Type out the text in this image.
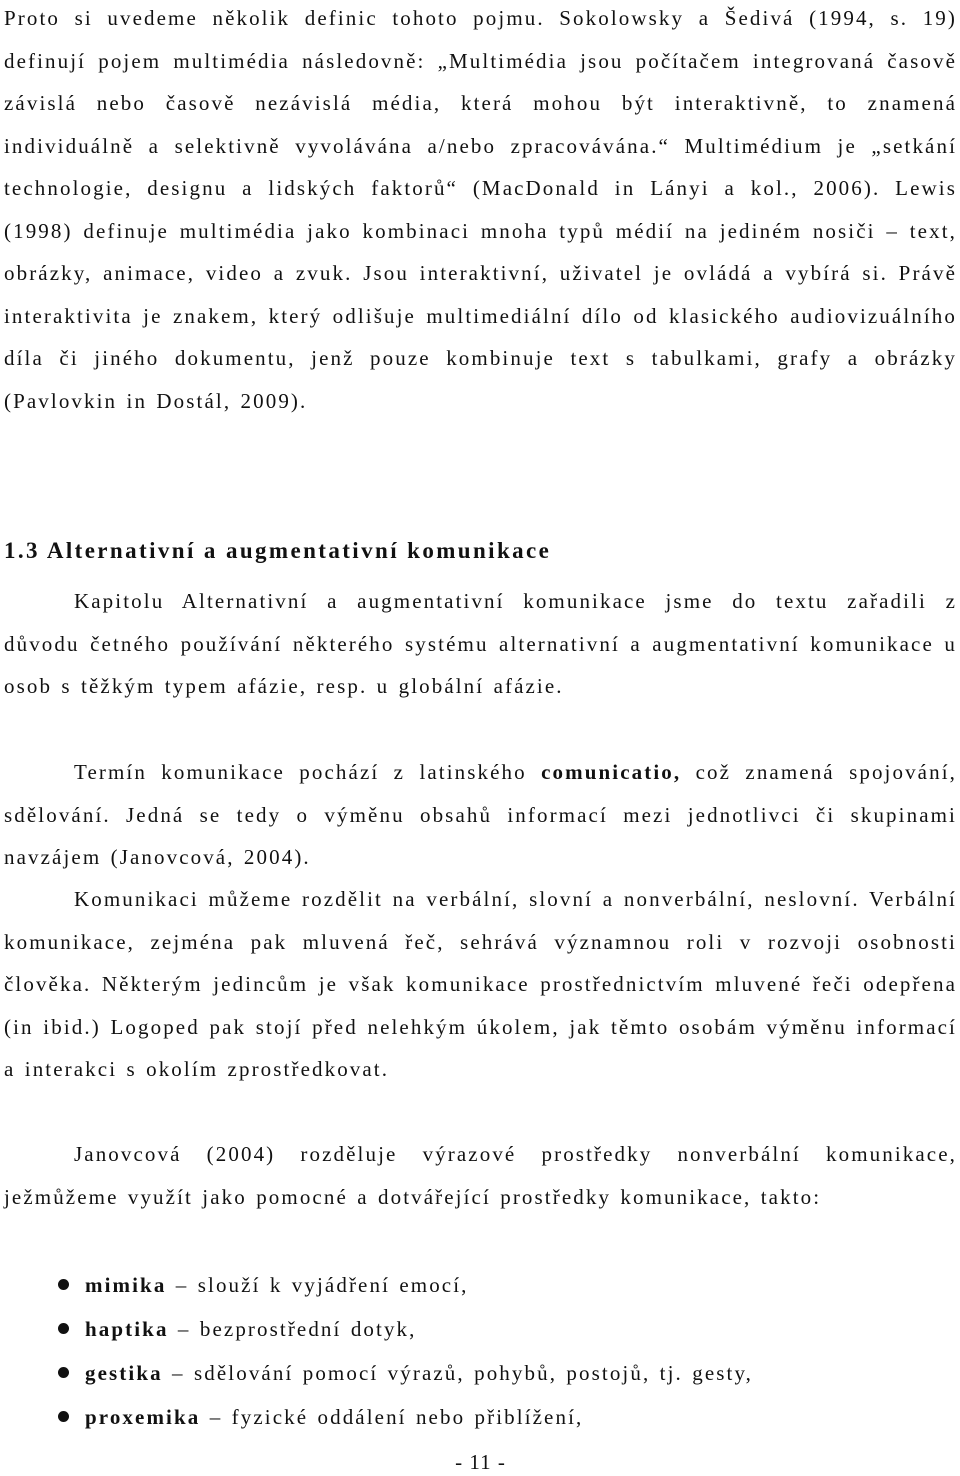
Proto si uvedeme několik definic tohoto pojmu. Sokolowsky a Šedivá (1994, s. 19) definují pojem multimédia následovně: „Multimédia jsou počítačem integrovaná časově závislá nebo časově nezávislá média, která mohou být interaktivně, to znamená individuálně a selektivně vyvolávána a/nebo zpracovávána.“ Multimédium je „setkání technologie, designu a lidských faktorů“ (MacDonald in Lányi a kol., 2006). Lewis (1998) definuje multimédia jako kombinaci mnoha typů médií na jediném nosiči – text, obrázky, animace, video a zvuk. Jsou interaktivní, uživatel je ovládá a vybírá si. Právě interaktivita je znakem, který odlišuje multimediální dílo od klasického audiovizuálního díla či jiného dokumentu, jenž pouze kombinuje text s tabulkami, grafy a obrázky (Pavlovkin in Dostál, 2009).

1.3 Alternativní a augmentativní komunikace

Kapitolu Alternativní a augmentativní komunikace jsme do textu zařadili z důvodu četného používání některého systému alternativní a augmentativní komunikace u osob s těžkým typem afázie, resp. u globální afázie.

Termín komunikace pochází z latinského comunicatio, což znamená spojování, sdělování. Jedná se tedy o výměnu obsahů informací mezi jednotlivci či skupinami navzájem (Janovcová, 2004).

Komunikaci můžeme rozdělit na verbální, slovní a nonverbální, neslovní. Verbální komunikace, zejména pak mluvená řeč, sehrává významnou roli v rozvoji osobnosti člověka. Některým jedincům je však komunikace prostřednictvím mluvené řeči odepřena (in ibid.) Logoped pak stojí před nelehkým úkolem, jak těmto osobám výměnu informací a interakci s okolím zprostředkovat.

Janovcová (2004) rozděluje výrazové prostředky nonverbální komunikace, ježmůžeme využít jako pomocné a dotvářející prostředky komunikace, takto:

mimika – slouží k vyjádření emocí,
haptika – bezprostřední dotyk,
gestika – sdělování pomocí výrazů, pohybů, postojů, tj. gesty,
proxemika – fyzické oddálení nebo přiblížení,
- 11 -
